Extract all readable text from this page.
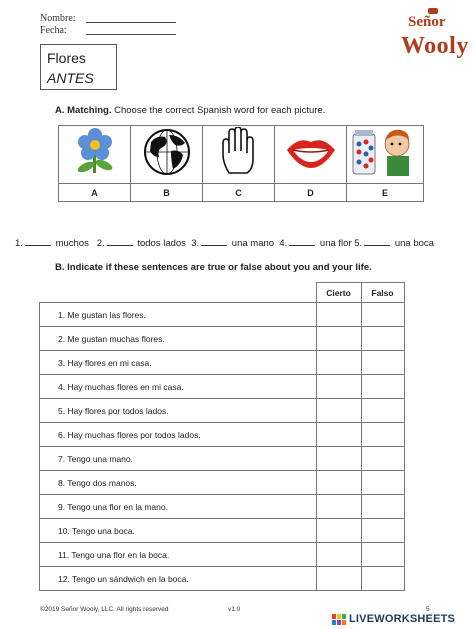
Nombre:
Fecha:
Señor
Wooly
Flores
ANTES
A. Matching. Choose the correct Spanish word for each picture.

A	B	C	D	E
1.	muchos 2.	todos lados 3.	una mano 4.	una flor 5.	una boca
B. Indicate if these sentences are true or false about you and your life.
	Cierto	Falso
1. Me gustan las flores.		
2. Me gustan muchas flores.		
3. Hay flores en mi casa.		
4. Hay muchas flores en mi casa.		
5. Hay flores por todos lados.		
6. Hay muchas flores por todos lados.		
7. Tengo una mano.		
8. Tengo dos manos.		
9. Tengo una flor en la mano.		
10. Tengo una boca.		
11. Tengo una flor en la boca.		
12. Tengo un sándwich en la boca.		
©2019 Señor Wooly, LLC. All rights reserved	v1.0	5
LIVEWORKSHEETS
